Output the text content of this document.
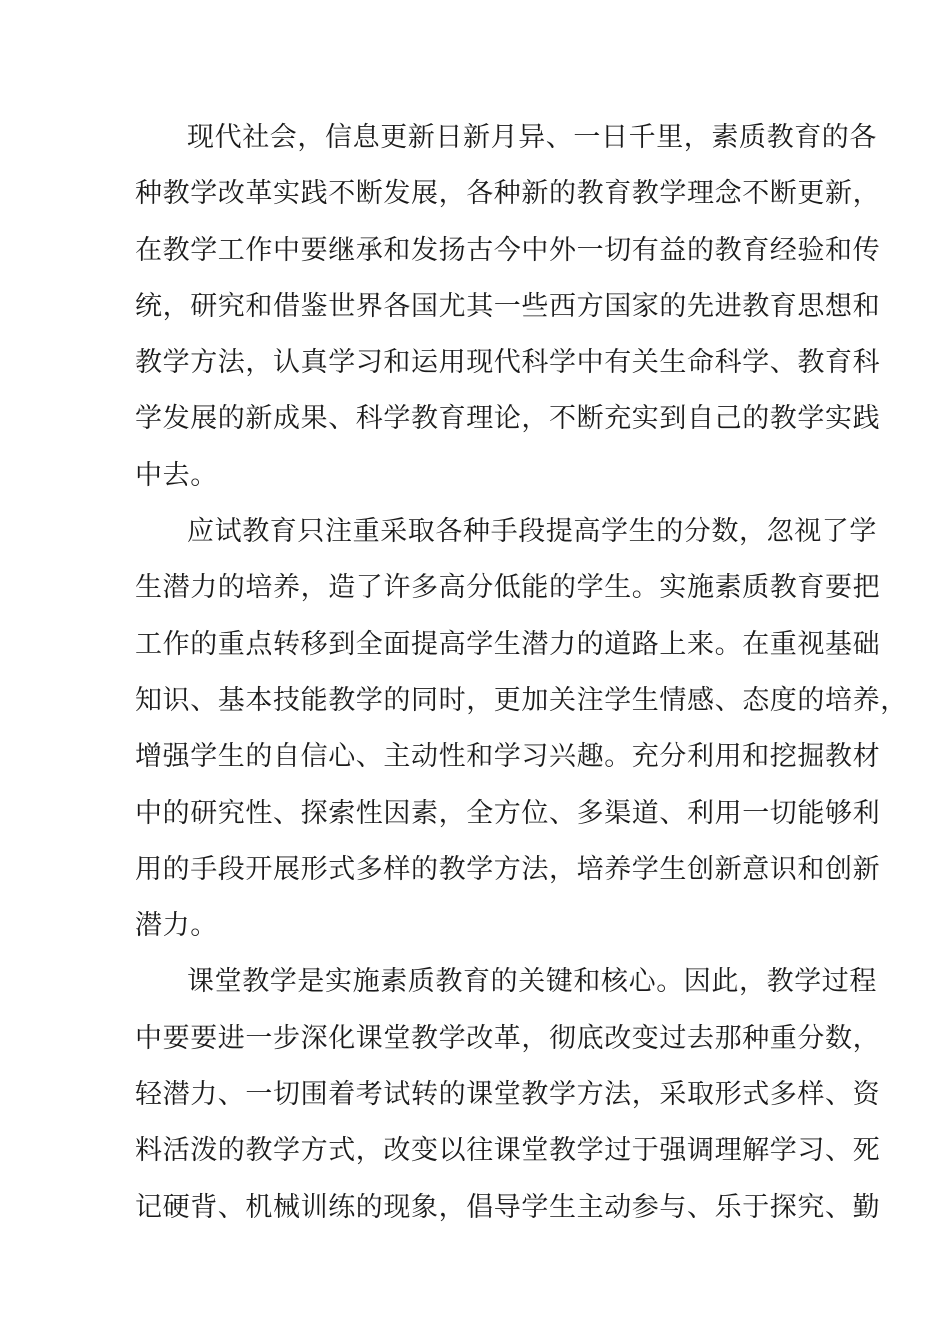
现代社会，信息更新日新月异、一日千里，素质教育的各
种教学改革实践不断发展，各种新的教育教学理念不断更新，
在教学工作中要继承和发扬古今中外一切有益的教育经验和传
统，研究和借鉴世界各国尤其一些西方国家的先进教育思想和
教学方法，认真学习和运用现代科学中有关生命科学、教育科
学发展的新成果、科学教育理论，不断充实到自己的教学实践
中去。
应试教育只注重采取各种手段提高学生的分数，忽视了学
生潜力的培养，造了许多高分低能的学生。实施素质教育要把
工作的重点转移到全面提高学生潜力的道路上来。在重视基础
知识、基本技能教学的同时，更加关注学生情感、态度的培养，
增强学生的自信心、主动性和学习兴趣。充分利用和挖掘教材
中的研究性、探索性因素，全方位、多渠道、利用一切能够利
用的手段开展形式多样的教学方法，培养学生创新意识和创新
潜力。
课堂教学是实施素质教育的关键和核心。因此，教学过程
中要要进一步深化课堂教学改革，彻底改变过去那种重分数，
轻潜力、一切围着考试转的课堂教学方法，采取形式多样、资
料活泼的教学方式，改变以往课堂教学过于强调理解学习、死
记硬背、机械训练的现象，倡导学生主动参与、乐于探究、勤
